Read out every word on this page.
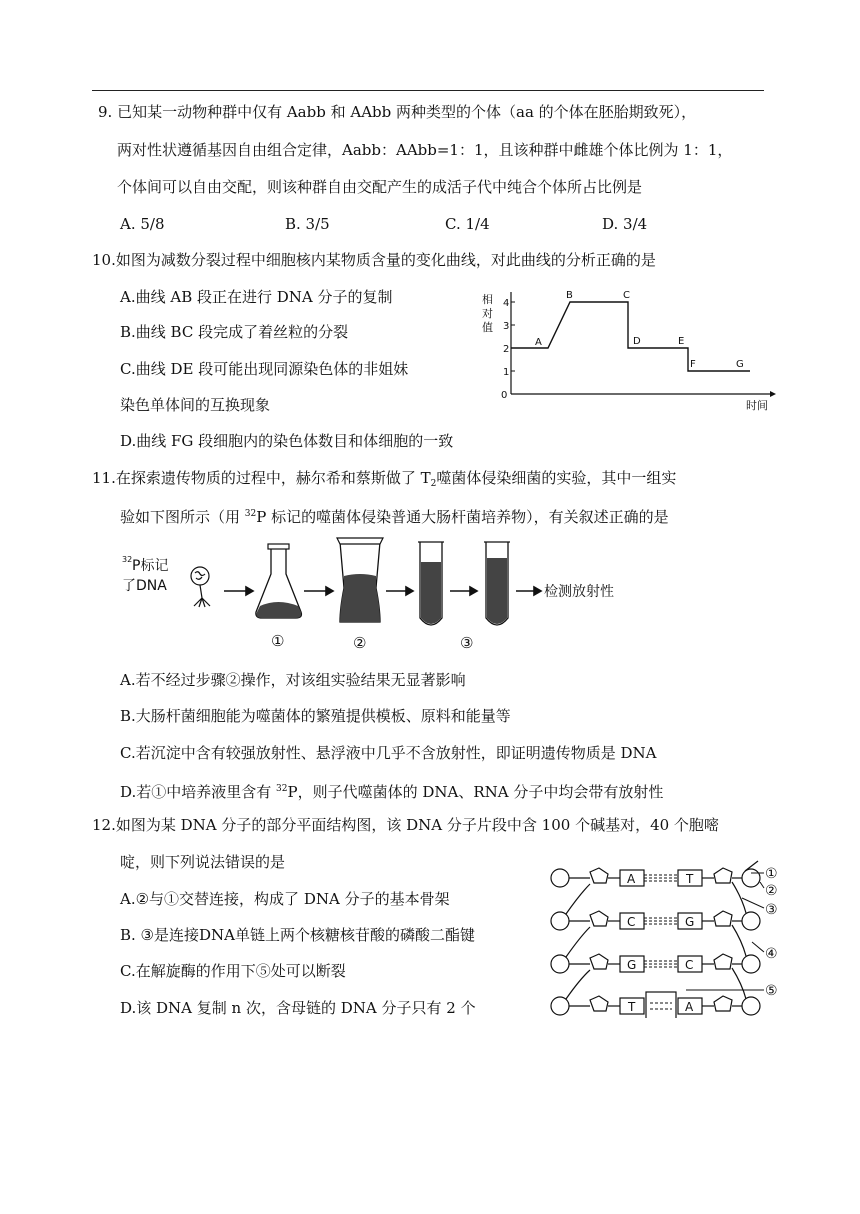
9. 已知某一动物种群中仅有 Aabb 和 AAbb 两种类型的个体（aa 的个体在胚胎期致死），
两对性状遵循基因自由组合定律，Aabb：AAbb=1：1，且该种群中雌雄个体比例为 1：1，
个体间可以自由交配，则该种群自由交配产生的成活子代中纯合个体所占比例是
A. 5/8	B. 3/5	C. 1/4	D. 3/4
10.如图为减数分裂过程中细胞核内某物质含量的变化曲线，对此曲线的分析正确的是
A.曲线 AB 段正在进行 DNA 分子的复制
B.曲线 BC 段完成了着丝粒的分裂
C.曲线 DE 段可能出现同源染色体的非姐妹
染色单体间的互换现象
D.曲线 FG 段细胞内的染色体数目和体细胞的一致
相
对
值
0
1
2
3
4
A
B	C
D	E
F	G
时间
11.在探索遗传物质的过程中，赫尔希和蔡斯做了 $T_2$噬菌体侵染细菌的实验，其中一组实
验如下图所示（用 $^{32}$P 标记的噬菌体侵染普通大肠杆菌培养物），有关叙述正确的是
32 P标记
了DNA	检测放射性
①	②	③
A.若不经过步骤②操作，对该组实验结果无显著影响
B.大肠杆菌细胞能为噬菌体的繁殖提供模板、原料和能量等
C.若沉淀中含有较强放射性、悬浮液中几乎不含放射性，即证明遗传物质是 DNA
D.若①中培养液里含有 $^{32}$P，则子代噬菌体的 DNA、RNA 分子中均会带有放射性
12.如图为某 DNA 分子的部分平面结构图，该 DNA 分子片段中含 100 个碱基对，40 个胞嘧
啶，则下列说法错误的是
A.②与①交替连接，构成了 DNA 分子的基本骨架
B. ③是连接DNA单链上两个核糖核苷酸的磷酸二酯键
C.在解旋酶的作用下⑤处可以断裂
D.该 DNA 复制 n 次，含母链的 DNA 分子只有 2 个
A
C
G
T
T
G
C
A
①
②
③
④
⑤
